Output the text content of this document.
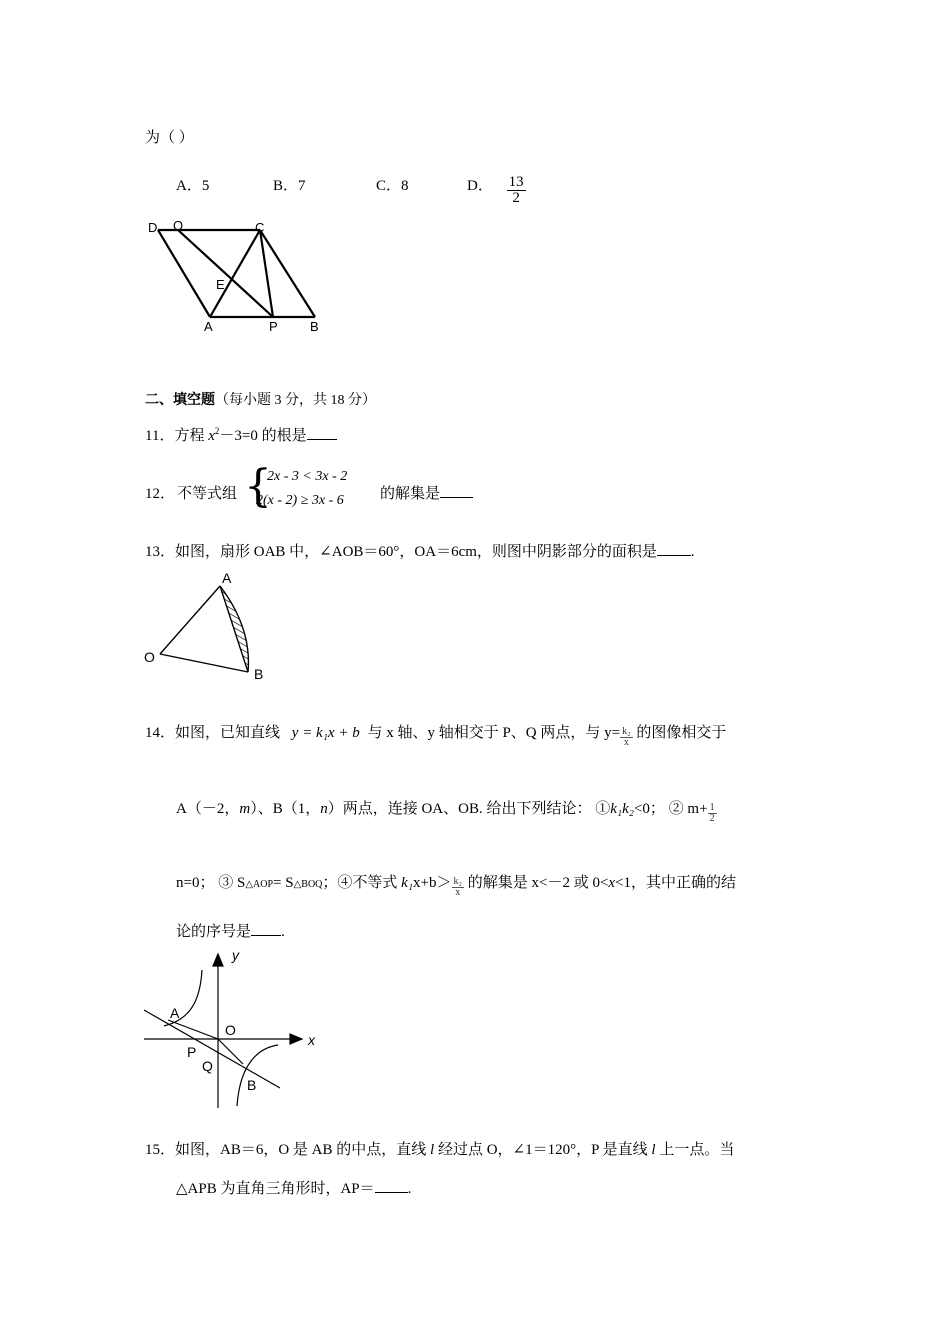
为（ ）
A．5	B．7	C．8	D． $\frac{13}{2}$
D Q	C
E
A	P B
二、填空题（每小题 3 分，共 18 分）
11．方程 $x^2-3=0$ 的根是
12． 不等式组 {
2x - 3 < 3x - 2
2(x - 2) ≥ 3x - 6 的解集是
13．如图，扇形 OAB 中，∠AOB＝60°，OA＝6cm，则图中阴影部分的面积是 .
A
O
B
14．如图，已知直线 y = k₁x + b 与 x 轴、y 轴相交于 P、Q 两点，与 $y= \frac{\text{k₂}}{x}$ 的图像相交于
A（－2，m）、B（1，n）两点，连接 OA、OB. 给出下列结论： ①k₁k₂<0； ② $m+ \frac{1}{2}$
n=0； ③ S△AOP= S△BOQ；④不等式 $k_1x+b> \frac{\text{k₂}}{x}$ 的解集是 x<－2 或 0<x<1，其中正确的结
论的序号是 .
y
x
A
O
P
Q
B
15．如图，AB＝6，O 是 AB 的中点，直线 l 经过点 O，∠1＝120°，P 是直线 l 上一点。当
△APB 为直角三角形时，AP＝ .
